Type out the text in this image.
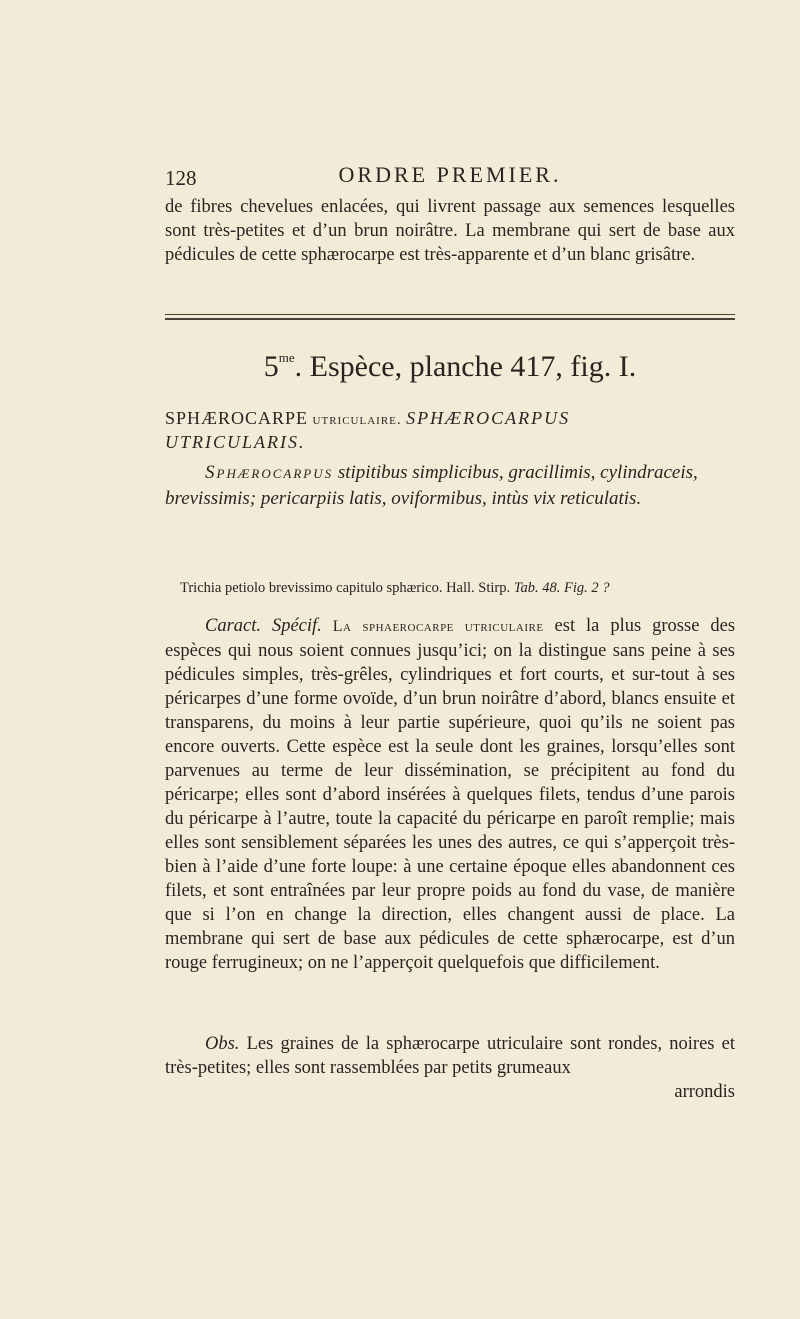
128	ORDRE PREMIER.

de fibres chevelues enlacées, qui livrent passage aux semences lesquelles sont très-petites et d’un brun noirâtre. La membrane qui sert de base aux pédicules de cette sphærocarpe est très-apparente et d’un blanc grisâtre.

$5^{me}$. Espèce, planche 417, fig. I.
SPHÆROCARPE utriculaire. SPHÆROCARPUS
UTRICULARIS.

Sphærocarpus stipitibus simplicibus, gracillimis, cylindraceis, brevissimis; pericarpiis latis, oviformibus, intùs vix reticulatis.

Trichia petiolo brevissimo capitulo sphærico. Hall. Stirp. Tab. 48. Fig. 2 ?

Caract. Spécif. La sphaerocarpe utriculaire est la plus grosse des espèces qui nous soient connues jusqu’ici; on la distingue sans peine à ses pédicules simples, très-grêles, cylindriques et fort courts, et sur-tout à ses péricarpes d’une forme ovoïde, d’un brun noirâtre d’abord, blancs ensuite et transparens, du moins à leur partie supérieure, quoi qu’ils ne soient pas encore ouverts. Cette espèce est la seule dont les graines, lorsqu’elles sont parvenues au terme de leur dissémination, se précipitent au fond du péricarpe; elles sont d’abord insérées à quelques filets, tendus d’une parois du péricarpe à l’autre, toute la capacité du péricarpe en paroît remplie; mais elles sont sensiblement séparées les unes des autres, ce qui s’apperçoit très-bien à l’aide d’une forte loupe: à une certaine époque elles abandonnent ces filets, et sont entraînées par leur propre poids au fond du vase, de manière que si l’on en change la direction, elles changent aussi de place. La membrane qui sert de base aux pédicules de cette sphærocarpe, est d’un rouge ferrugineux; on ne l’apperçoit quelquefois que difficilement.

Obs. Les graines de la sphærocarpe utriculaire sont rondes, noires et très-petites; elles sont rassemblées par petits grumeaux

arrondis
